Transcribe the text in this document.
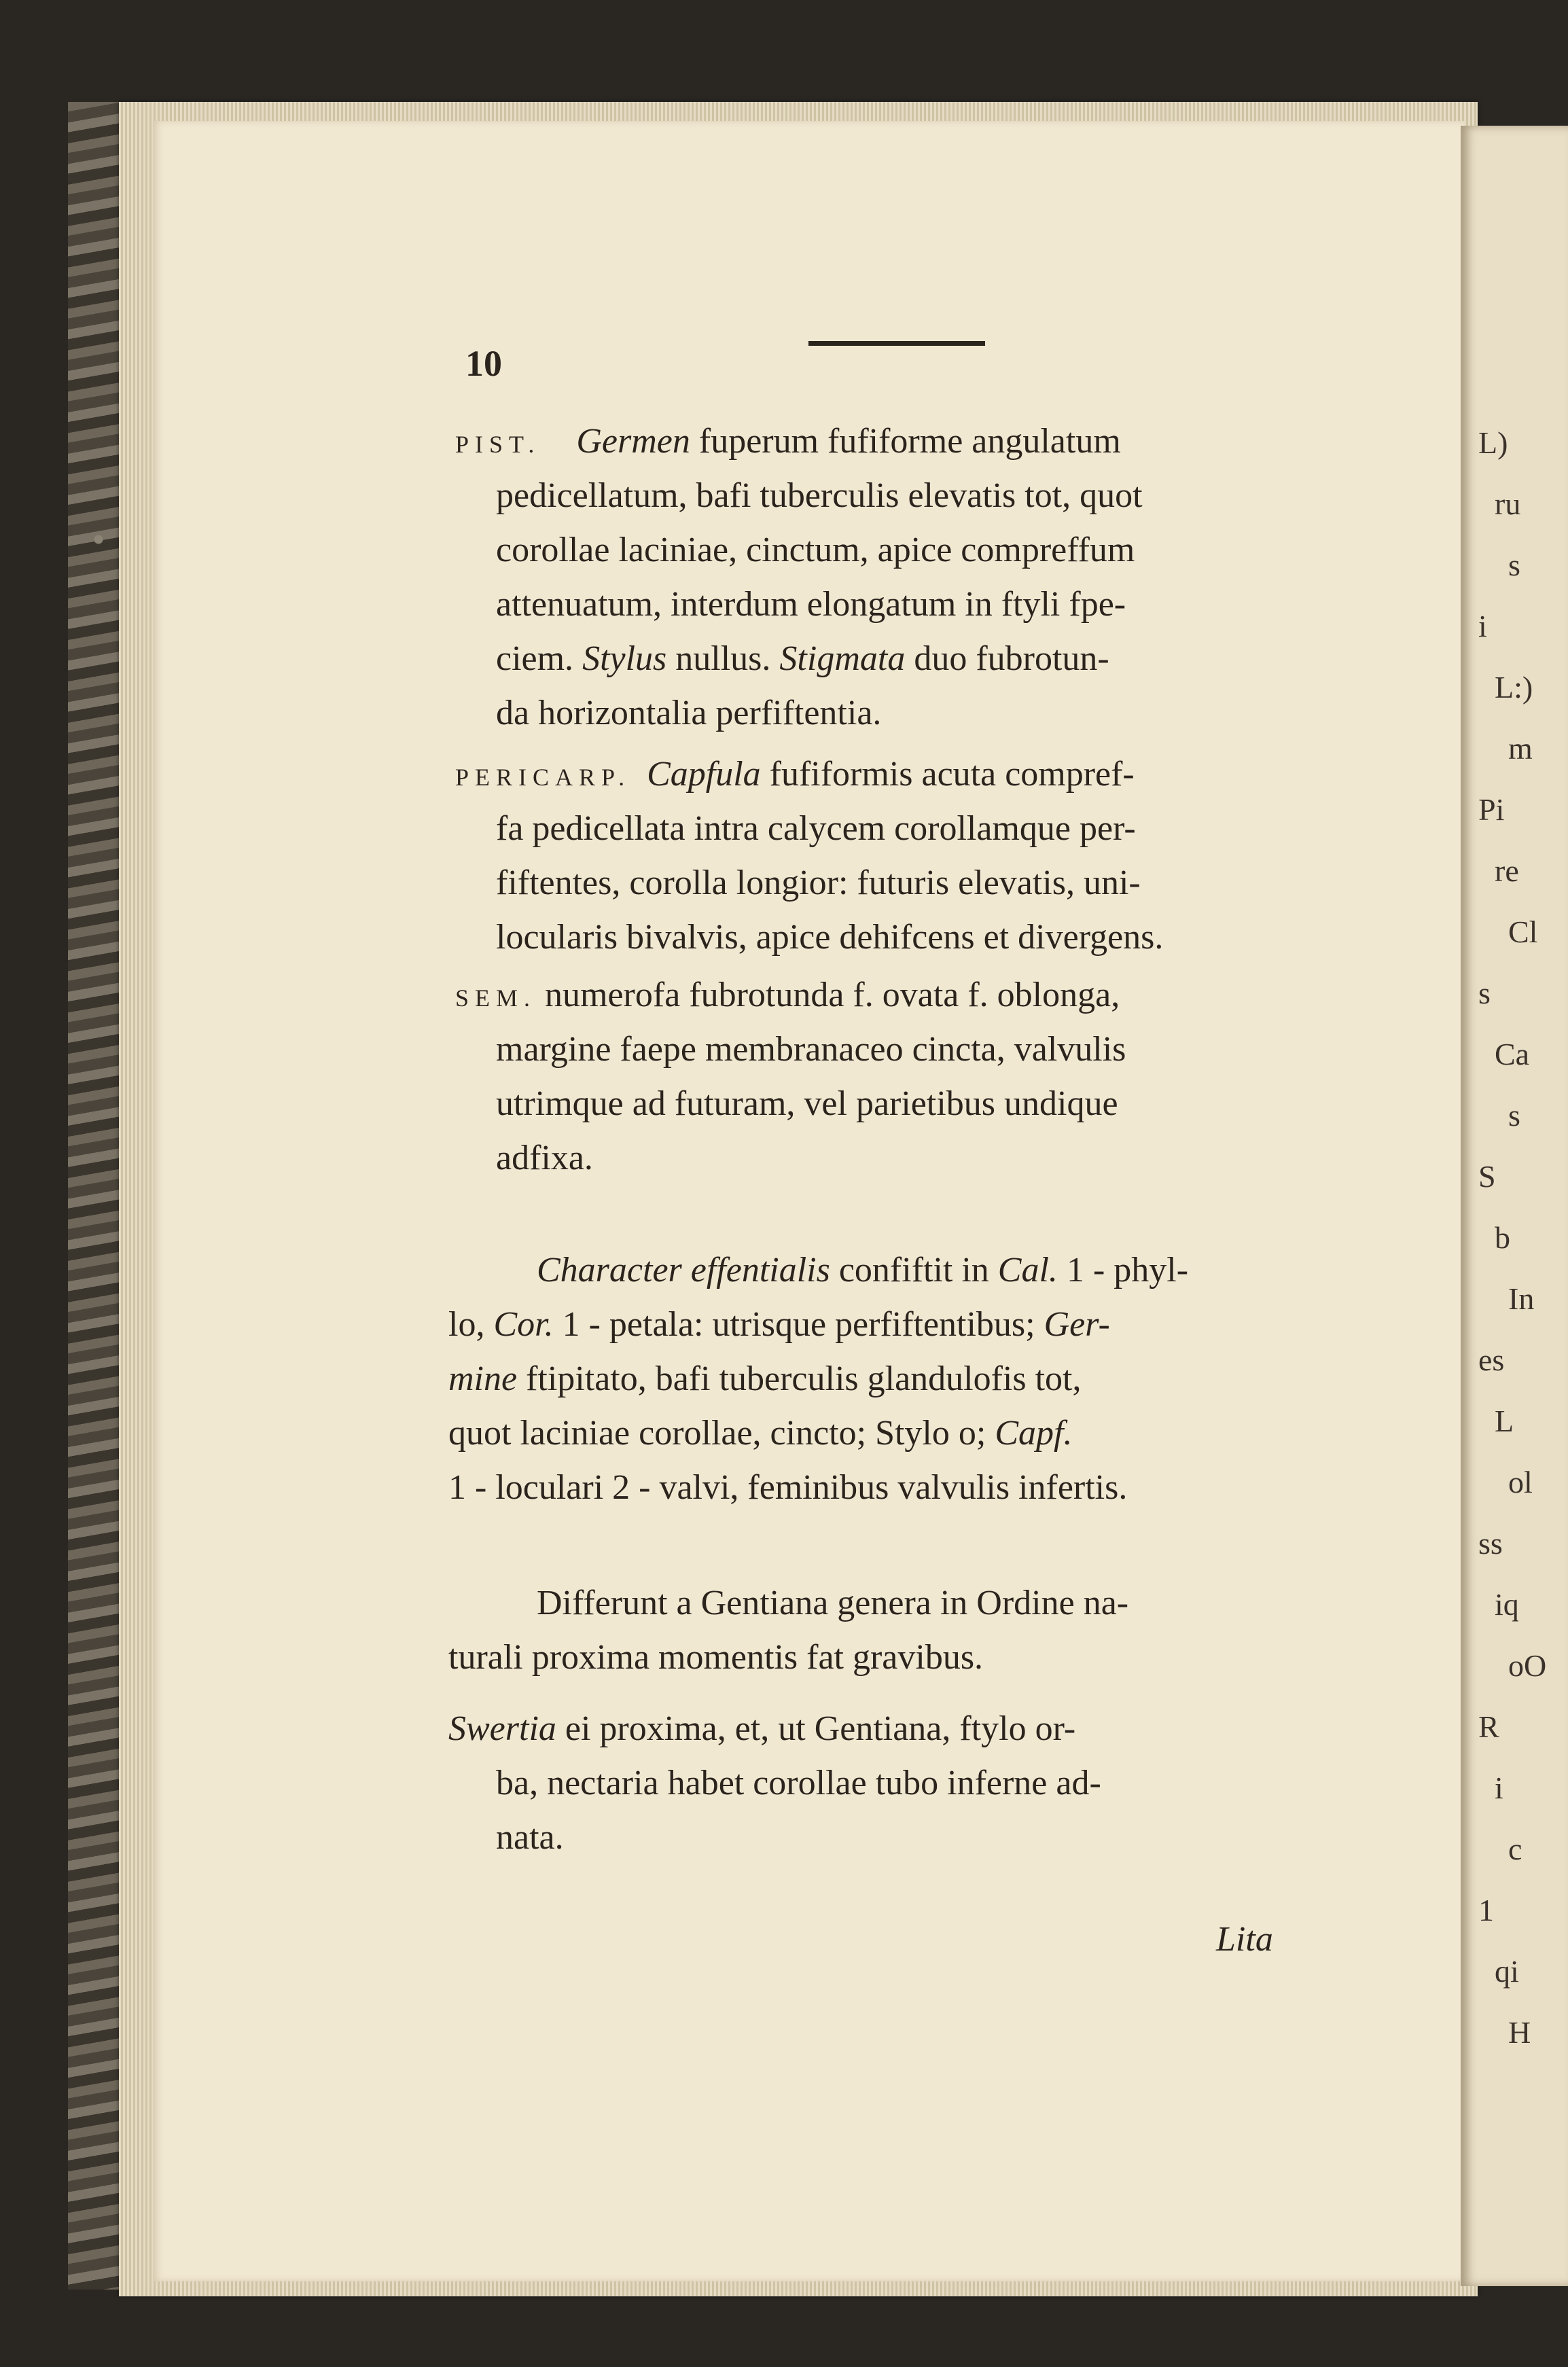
L)
ru
s
i
L:)
m
Pi
re
Cl
s
Ca
s
S
b
In
es
L
ol
ss
iq
oO
R
i
c
1
qi
H
10
PIST. Germen fuperum fufiforme angulatum
pedicellatum, bafi tuberculis elevatis tot, quot
corollae laciniae, cinctum, apice compreffum
attenuatum, interdum elongatum in ftyli fpe-
ciem. Stylus nullus. Stigmata duo fubrotun-
da horizontalia perfiftentia.
PERICARP. Capfula fufiformis acuta compref-
fa pedicellata intra calycem corollamque per-
fiftentes, corolla longior: futuris elevatis, uni-
locularis bivalvis, apice dehifcens et divergens.
SEM. numerofa fubrotunda f. ovata f. oblonga,
margine faepe membranaceo cincta, valvulis
utrimque ad futuram, vel parietibus undique
adfixa.
Character effentialis confiftit in Cal. 1 - phyl-
lo, Cor. 1 - petala: utrisque perfiftentibus; Ger-
mine ftipitato, bafi tuberculis glandulofis tot,
quot laciniae corollae, cincto; Stylo o; Capf.
1 - loculari 2 - valvi, feminibus valvulis infertis.
Differunt a Gentiana genera in Ordine na-
turali proxima momentis fat gravibus.
Swertia ei proxima, et, ut Gentiana, ftylo or-
ba, nectaria habet corollae tubo inferne ad-
nata.
Lita
